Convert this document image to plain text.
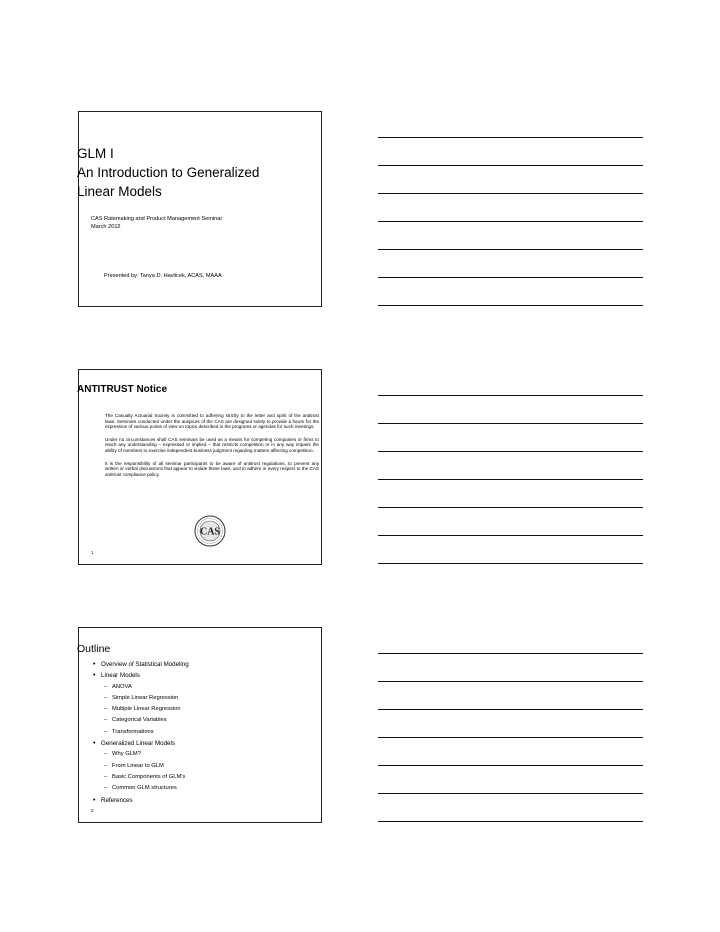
GLM I
An Introduction to Generalized
Linear Models
CAS Ratemaking and Product Management Seminar
March 2012
Presented by: Tanya D. Havlicek, ACAS, MAAA
ANTITRUST Notice

The Casualty Actuarial Society is committed to adhering strictly to the letter and spirit of the antitrust laws. Seminars conducted under the auspices of the CAS are designed solely to provide a forum for the expression of various points of view on topics described in the programs or agendas for such meetings.

Under no circumstances shall CAS seminars be used as a means for competing companies or firms to reach any understanding – expressed or implied – that restricts competition or in any way impairs the ability of members to exercise independent business judgment regarding matters affecting competition.

It is the responsibility of all seminar participants to be aware of antitrust regulations, to prevent any written or verbal discussions that appear to violate these laws, and to adhere in every respect to the CAS antitrust compliance policy.

CAS
1
Outline
• Overview of Statistical Modeling
• Linear Models
– ANOVA
– Simple Linear Regression
– Multiple Linear Regression
– Categorical Variables
– Transformations
• Generalized Linear Models
– Why GLM?
– From Linear to GLM
– Basic Components of GLM's
– Common GLM structures
• References
2
